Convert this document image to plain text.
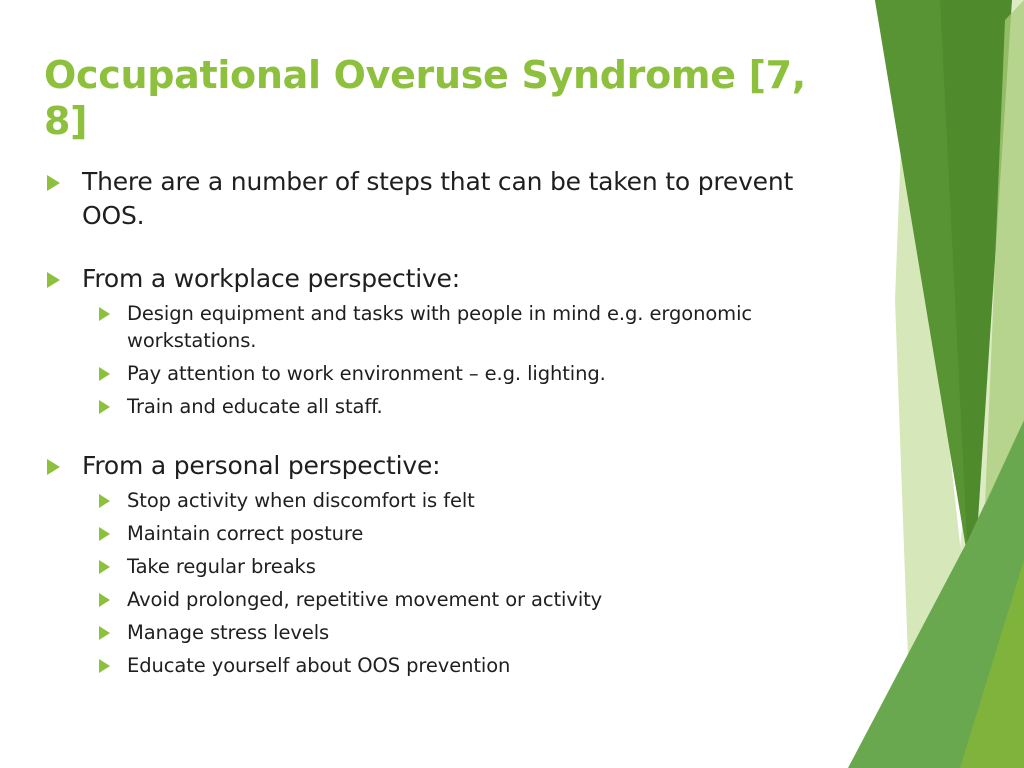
Occupational Overuse Syndrome [7, 8]
There are a number of steps that can be taken to prevent OOS.
From a workplace perspective:
Design equipment and tasks with people in mind e.g. ergonomic workstations.
Pay attention to work environment – e.g. lighting.
Train and educate all staff.
From a personal perspective:
Stop activity when discomfort is felt
Maintain correct posture
Take regular breaks
Avoid prolonged, repetitive movement or activity
Manage stress levels
Educate yourself about OOS prevention
